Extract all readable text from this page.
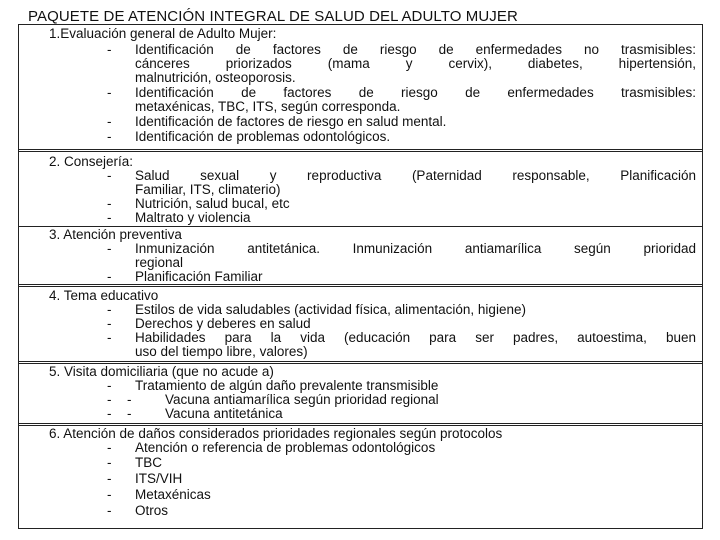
PAQUETE DE ATENCIÓN INTEGRAL DE SALUD DEL ADULTO MUJER
1.Evaluación general de Adulto Mujer:
- Identificación de factores de riesgo de enfermedades no trasmisibles:
cánceres priorizados (mama y cervix), diabetes, hipertensión,
malnutrición, osteoporosis.
- Identificación de factores de riesgo de enfermedades trasmisibles:
metaxénicas, TBC, ITS, según corresponda.
- Identificación de factores de riesgo en salud mental.
- Identificación de problemas odontológicos.
2. Consejería:
- Salud sexual y reproductiva (Paternidad responsable, Planificación
Familiar, ITS, climaterio)
- Nutrición, salud bucal, etc
- Maltrato y violencia
3. Atención preventiva
- Inmunización antitetánica. Inmunización antiamarílica según prioridad
regional
- Planificación Familiar
4. Tema educativo
- Estilos de vida saludables (actividad física, alimentación, higiene)
- Derechos y deberes en salud
- Habilidades para la vida (educación para ser padres, autoestima, buen
uso del tiempo libre, valores)
5. Visita domiciliaria (que no acude a)
- Tratamiento de algún daño prevalente transmisible
- - Vacuna antiamarílica según prioridad regional
- - Vacuna antitetánica
6. Atención de daños considerados prioridades regionales según protocolos
- Atención o referencia de problemas odontológicos
- TBC
- ITS/VIH
- Metaxénicas
- Otros
